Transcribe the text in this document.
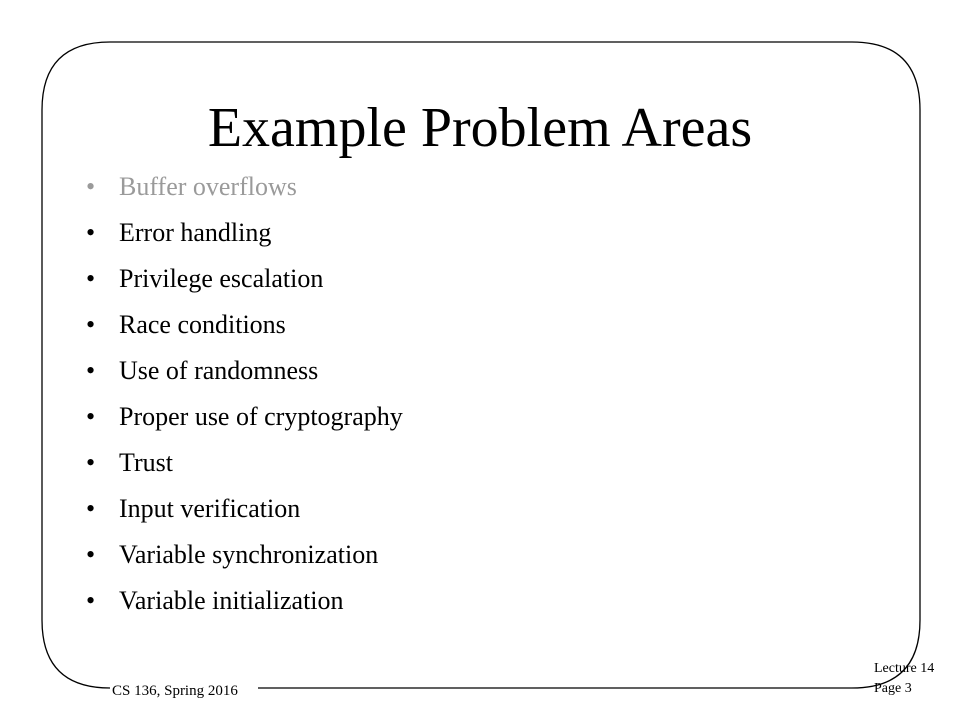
Example Problem Areas
• Buffer overflows
• Error handling
• Privilege escalation
• Race conditions
• Use of randomness
• Proper use of cryptography
• Trust
• Input verification
• Variable synchronization
• Variable initialization
CS 136, Spring 2016
Lecture 14
Page 3
